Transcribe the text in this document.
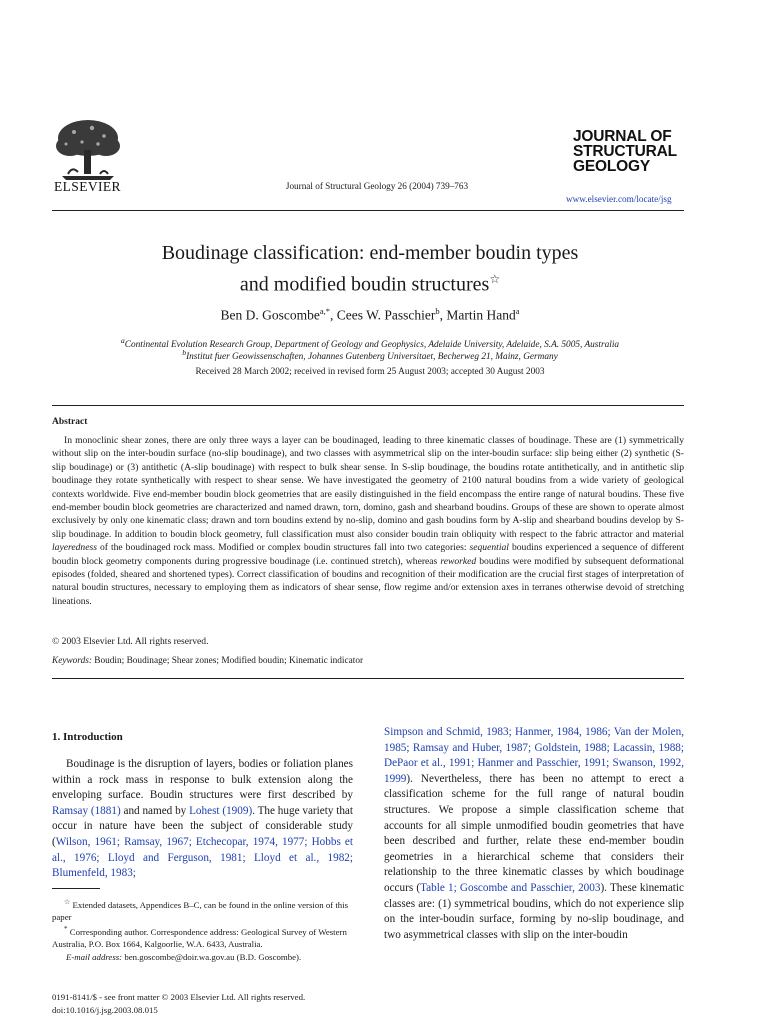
ELSEVIER	Journal of Structural Geology 26 (2004) 739–763
JOURNAL OF
STRUCTURAL
GEOLOGY
www.elsevier.com/locate/jsg
Boudinage classification: end-member boudin types
and modified boudin structures☆
Ben D. Goscombe$^{a,*}$, Cees W. Passchier$^b$, Martin Hand$^a$
$^a$Continental Evolution Research Group, Department of Geology and Geophysics, Adelaide University, Adelaide, S.A. 5005, Australia
$^b$Institut fuer Geowissenschaften, Johannes Gutenberg Universitaet, Becherweg 21, Mainz, Germany
Received 28 March 2002; received in revised form 25 August 2003; accepted 30 August 2003
Abstract

In monoclinic shear zones, there are only three ways a layer can be boudinaged, leading to three kinematic classes of boudinage. These are (1) symmetrically without slip on the inter-boudin surface (no-slip boudinage), and two classes with asymmetrical slip on the inter-boudin surface: slip being either (2) synthetic (S-slip boudinage) or (3) antithetic (A-slip boudinage) with respect to bulk shear sense. In S-slip boudinage, the boudins rotate antithetically, and in antithetic slip boudinage they rotate synthetically with respect to shear sense. We have investigated the geometry of 2100 natural boudins from a wide variety of geological contexts worldwide. Five end-member boudin block geometries that are easily distinguished in the field encompass the entire range of natural boudins. These five end-member boudin block geometries are characterized and named drawn, torn, domino, gash and shearband boudins. Groups of these are shown to operate almost exclusively by only one kinematic class; drawn and torn boudins extend by no-slip, domino and gash boudins form by A-slip and shearband boudins develop by S-slip boudinage. In addition to boudin block geometry, full classification must also consider boudin train obliquity with respect to the fabric attractor and material layeredness of the boudinaged rock mass. Modified or complex boudin structures fall into two categories: sequential boudins experienced a sequence of different boudin block geometry components during progressive boudinage (i.e. continued stretch), whereas reworked boudins were modified by subsequent deformational episodes (folded, sheared and shortened types). Correct classification of boudins and recognition of their modification are the crucial first stages of interpretation of natural boudin structures, necessary to employing them as indicators of shear sense, flow regime and/or extension axes in terranes otherwise devoid of stretching lineations.

© 2003 Elsevier Ltd. All rights reserved.
Keywords: Boudin; Boudinage; Shear zones; Modified boudin; Kinematic indicator
1. Introduction

Boudinage is the disruption of layers, bodies or foliation planes within a rock mass in response to bulk extension along the enveloping surface. Boudin structures were first described by Ramsay (1881) and named by Lohest (1909). The huge variety that occur in nature have been the subject of considerable study (Wilson, 1961; Ramsay, 1967; Etchecopar, 1974, 1977; Hobbs et al., 1976; Lloyd and Ferguson, 1981; Lloyd et al., 1982; Blumenfeld, 1983;

Simpson and Schmid, 1983; Hanmer, 1984, 1986; Van der Molen, 1985; Ramsay and Huber, 1987; Goldstein, 1988; Lacassin, 1988; DePaor et al., 1991; Hanmer and Passchier, 1991; Swanson, 1992, 1999). Nevertheless, there has been no attempt to erect a classification scheme for the full range of natural boudin structures. We propose a simple classification scheme that accounts for all simple unmodified boudin geometries that have been described and further, relate these end-member boudin geometries in a hierarchical scheme that considers their relationship to the three kinematic classes by which boudinage occurs (Table 1; Goscombe and Passchier, 2003). These kinematic classes are: (1) symmetrical boudins, which do not experience slip on the inter-boudin surface, forming by no-slip boudinage, and two asymmetrical classes with slip on the inter-boudin

☆ Extended datasets, Appendices B–C, can be found in the online version of this paper

* Corresponding author. Correspondence address: Geological Survey of Western Australia, P.O. Box 1664, Kalgoorlie, W.A. 6433, Australia.

E-mail address: ben.goscombe@doir.wa.gov.au (B.D. Goscombe).

0191-8141/$ - see front matter © 2003 Elsevier Ltd. All rights reserved.
doi:10.1016/j.jsg.2003.08.015
